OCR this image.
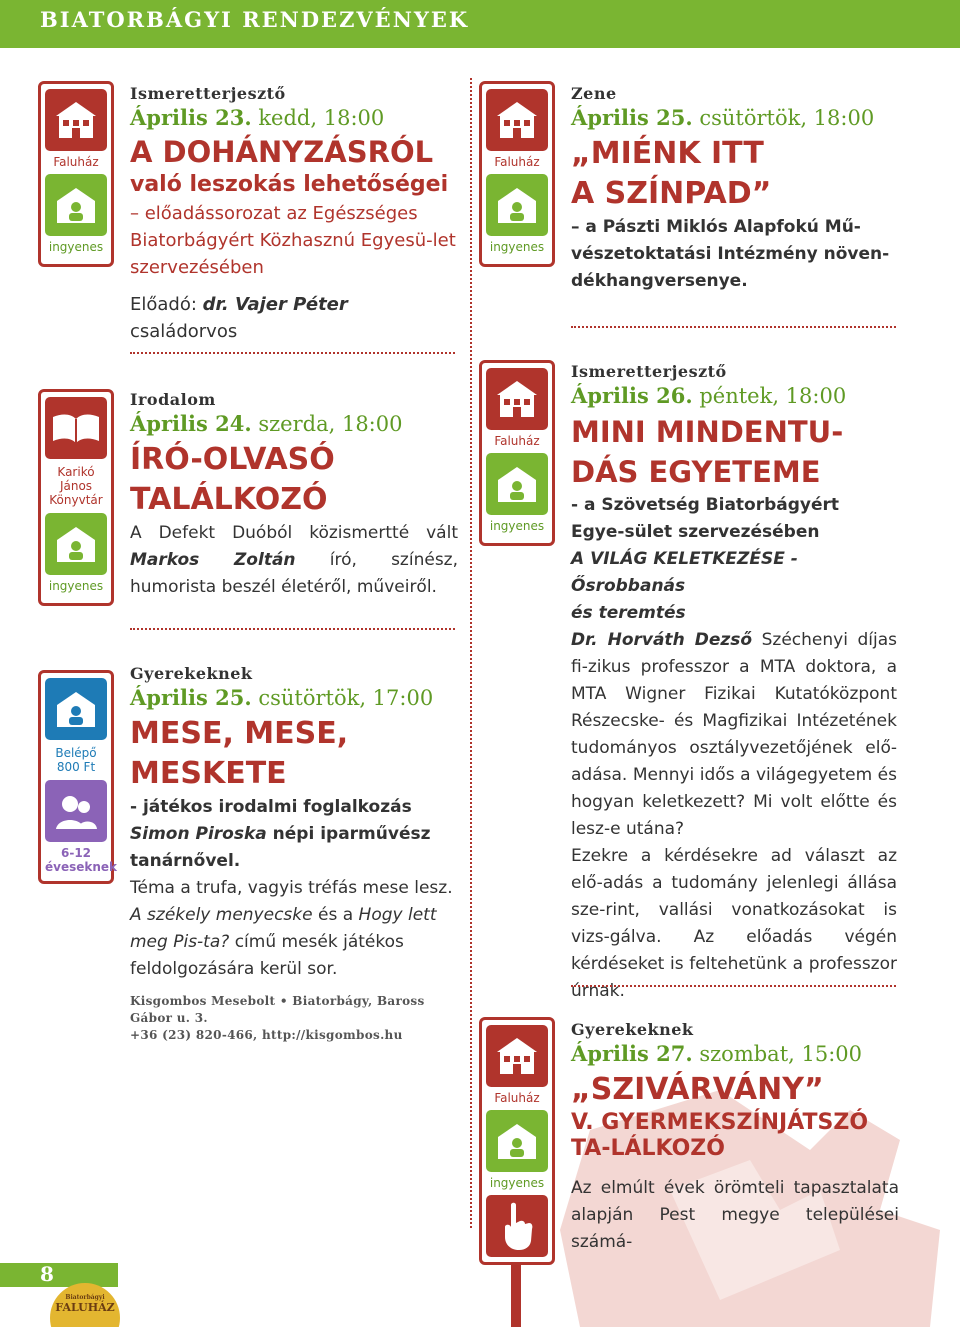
BIATORBÁGYI RENDEZVÉNYEK
Faluház
ingyenes
Karikó
János
Könyvtár
ingyenes
Belépő
800 Ft
6-12
éveseknek
Faluház
ingyenes
Faluház
ingyenes
Faluház
ingyenes
Ismeretterjesztő
Április 23. kedd, 18:00
A DOHÁNYZÁSRÓL
való leszokás lehetőségei
– előadássorozat az Egészséges Biatorbágyért Közhasznú Egyesü-let szervezésében
Előadó: dr. Vajer Péter családorvos
Irodalom
Április 24. szerda, 18:00
ÍRÓ-OLVASÓ
TALÁLKOZÓ
A Defekt Duóból közismertté vált Markos Zoltán író, színész, humorista beszél életéről, műveiről.
Gyerekeknek
Április 25. csütörtök, 17:00
MESE, MESE,
MESKETE
- játékos irodalmi foglalkozás
Simon Piroska népi iparművész tanárnővel.
Téma a trufa, vagyis tréfás mese lesz.
A székely menyecske és a Hogy lett meg Pis-ta? című mesék játékos feldolgozására kerül sor.
Kisgombos Mesebolt • Biatorbágy, Baross Gábor u. 3.
+36 (23) 820-466, http://kisgombos.hu
Zene
Április 25. csütörtök, 18:00
„MIÉNK ITT
A SZÍNPAD”
– a Pászti Miklós Alapfokú Mű-vészetoktatási Intézmény növen-dékhangversenye.
Ismeretterjesztő
Április 26. péntek, 18:00
MINI MINDENTU-
DÁS EGYETEME
- a Szövetség Biatorbágyért Egye-sület szervezésében
A VILÁG KELETKEZÉSE - Ősrobbanás
és teremtés
Dr. Horváth Dezső Széchenyi díjas fi-zikus professzor a MTA doktora, a MTA Wigner Fizikai Kutatóközpont Részecske- és Magfizikai Intézetének tudományos osztályvezetőjének elő-adása. Mennyi idős a világegyetem és hogyan keletkezett? Mi volt előtte és lesz-e utána?
Ezekre a kérdésekre ad választ az elő-adás a tudomány jelenlegi állása sze-rint, vallási vonatkozásokat is vizs-gálva. Az előadás végén kérdéseket is feltehetünk a professzor úrnak.
Gyerekeknek
Április 27. szombat, 15:00
„SZIVÁRVÁNY”
V. GYERMEKSZÍNJÁTSZÓ TA-LÁLKOZÓ
Az elmúlt évek örömteli tapasztalata alapján Pest megye települései számá-
8
Biatorbágyi
FALUHÁZ
